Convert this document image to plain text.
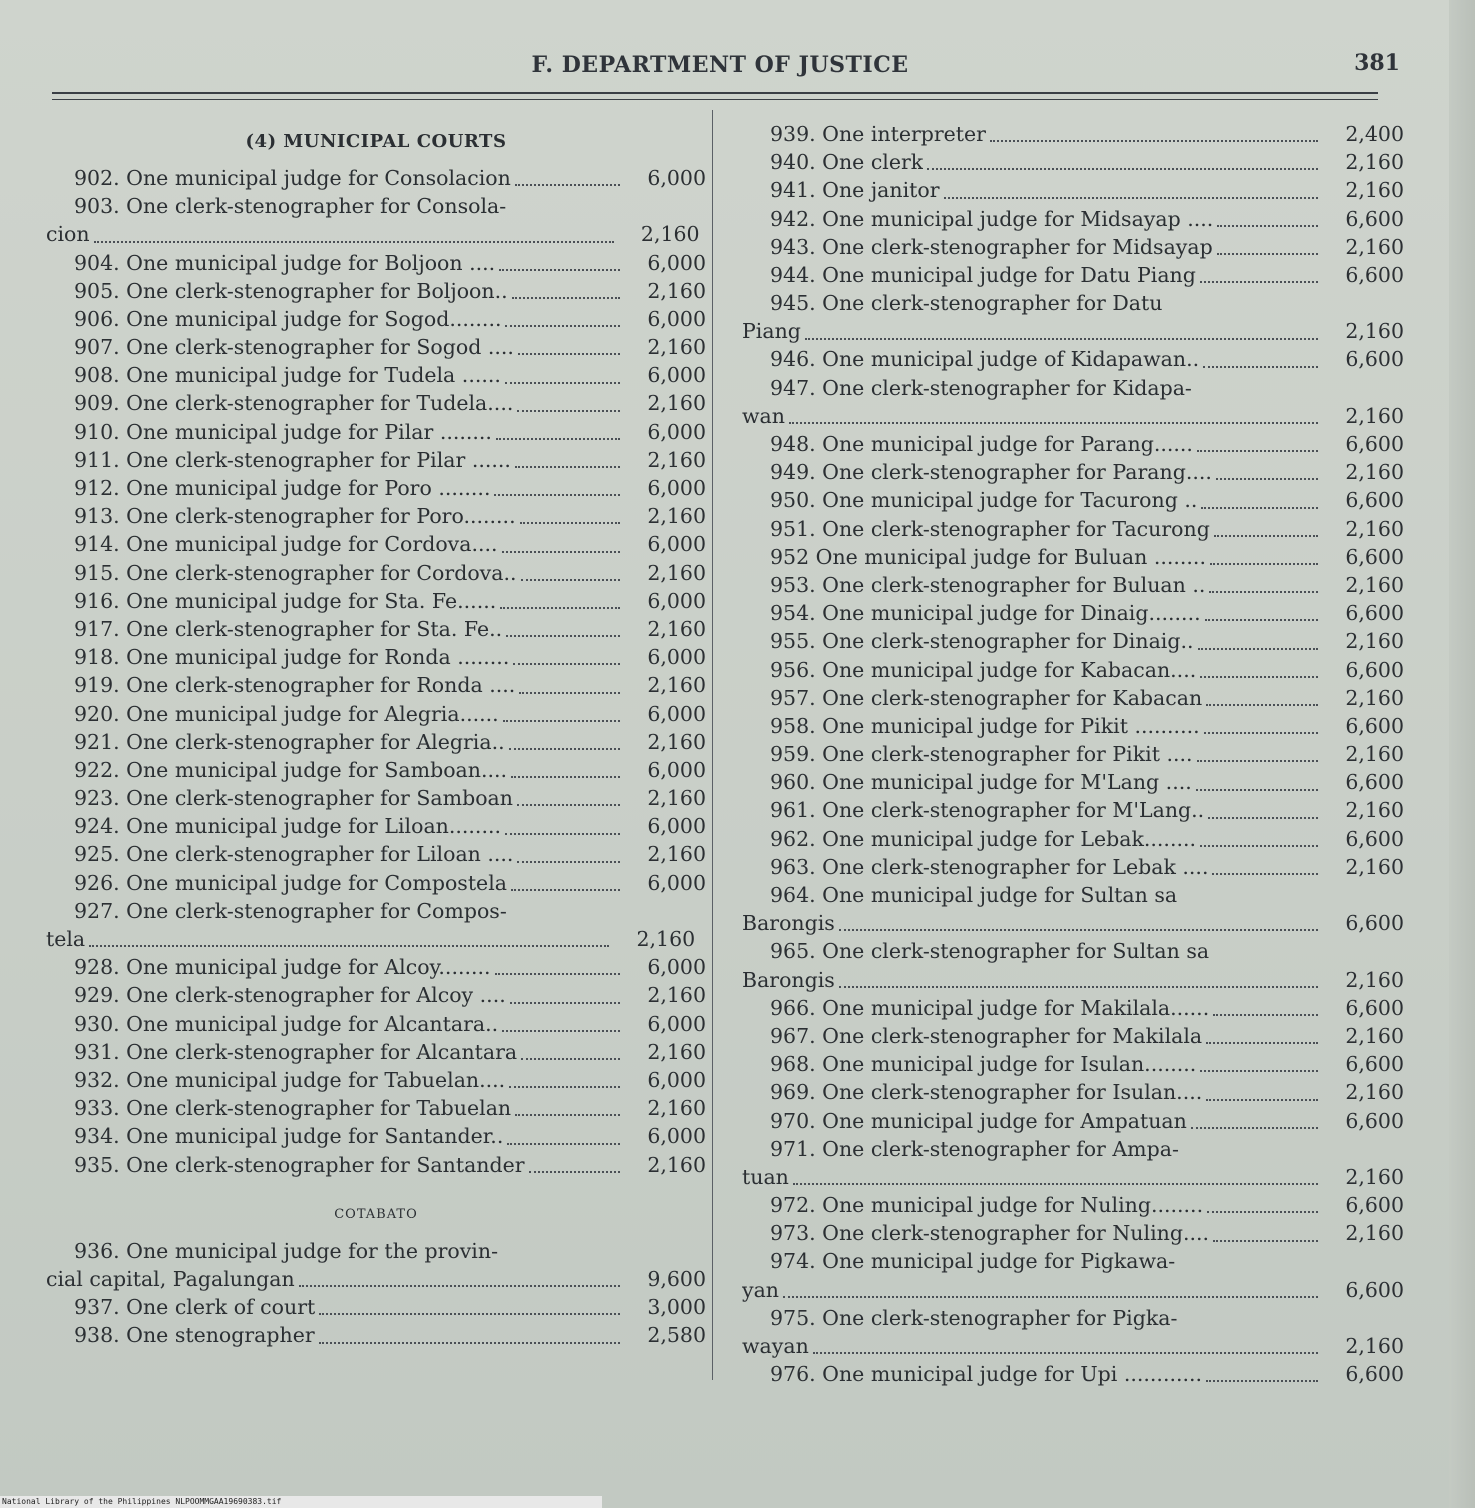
F. DEPARTMENT OF JUSTICE	381
(4) MUNICIPAL COURTS
902. One municipal judge for Consolacion	6,000
903. One clerk-stenographer for Consola-
cion	2,160
904. One municipal judge for Boljoon ....	6,000
905. One clerk-stenographer for Boljoon..	2,160
906. One municipal judge for Sogod........	6,000
907. One clerk-stenographer for Sogod ....	2,160
908. One municipal judge for Tudela ......	6,000
909. One clerk-stenographer for Tudela....	2,160
910. One municipal judge for Pilar ........	6,000
911. One clerk-stenographer for Pilar ......	2,160
912. One municipal judge for Poro ........	6,000
913. One clerk-stenographer for Poro........	2,160
914. One municipal judge for Cordova....	6,000
915. One clerk-stenographer for Cordova..	2,160
916. One municipal judge for Sta. Fe......	6,000
917. One clerk-stenographer for Sta. Fe..	2,160
918. One municipal judge for Ronda ........	6,000
919. One clerk-stenographer for Ronda ....	2,160
920. One municipal judge for Alegria......	6,000
921. One clerk-stenographer for Alegria..	2,160
922. One municipal judge for Samboan....	6,000
923. One clerk-stenographer for Samboan	2,160
924. One municipal judge for Liloan........	6,000
925. One clerk-stenographer for Liloan ....	2,160
926. One municipal judge for Compostela	6,000
927. One clerk-stenographer for Compos-
tela	2,160
928. One municipal judge for Alcoy........	6,000
929. One clerk-stenographer for Alcoy ....	2,160
930. One municipal judge for Alcantara..	6,000
931. One clerk-stenographer for Alcantara	2,160
932. One municipal judge for Tabuelan....	6,000
933. One clerk-stenographer for Tabuelan	2,160
934. One municipal judge for Santander..	6,000
935. One clerk-stenographer for Santander	2,160
COTABATO
936. One municipal judge for the provin-
cial capital, Pagalungan	9,600
937. One clerk of court	3,000
938. One stenographer	2,580
939. One interpreter	2,400
940. One clerk	2,160
941. One janitor	2,160
942. One municipal judge for Midsayap ....	6,600
943. One clerk-stenographer for Midsayap	2,160
944. One municipal judge for Datu Piang	6,600
945. One clerk-stenographer for Datu
Piang	2,160
946. One municipal judge of Kidapawan..	6,600
947. One clerk-stenographer for Kidapa-
wan	2,160
948. One municipal judge for Parang......	6,600
949. One clerk-stenographer for Parang....	2,160
950. One municipal judge for Tacurong ..	6,600
951. One clerk-stenographer for Tacurong	2,160
952 One municipal judge for Buluan ........	6,600
953. One clerk-stenographer for Buluan ..	2,160
954. One municipal judge for Dinaig........	6,600
955. One clerk-stenographer for Dinaig..	2,160
956. One municipal judge for Kabacan....	6,600
957. One clerk-stenographer for Kabacan	2,160
958. One municipal judge for Pikit ..........	6,600
959. One clerk-stenographer for Pikit ....	2,160
960. One municipal judge for M'Lang ....	6,600
961. One clerk-stenographer for M'Lang..	2,160
962. One municipal judge for Lebak........	6,600
963. One clerk-stenographer for Lebak ....	2,160
964. One municipal judge for Sultan sa
Barongis	6,600
965. One clerk-stenographer for Sultan sa
Barongis	2,160
966. One municipal judge for Makilala......	6,600
967. One clerk-stenographer for Makilala	2,160
968. One municipal judge for Isulan........	6,600
969. One clerk-stenographer for Isulan....	2,160
970. One municipal judge for Ampatuan	6,600
971. One clerk-stenographer for Ampa-
tuan	2,160
972. One municipal judge for Nuling........	6,600
973. One clerk-stenographer for Nuling....	2,160
974. One municipal judge for Pigkawa-
yan	6,600
975. One clerk-stenographer for Pigka-
wayan	2,160
976. One municipal judge for Upi ............	6,600
National Library of the Philippines NLPOOMMGAA19690383.tif
